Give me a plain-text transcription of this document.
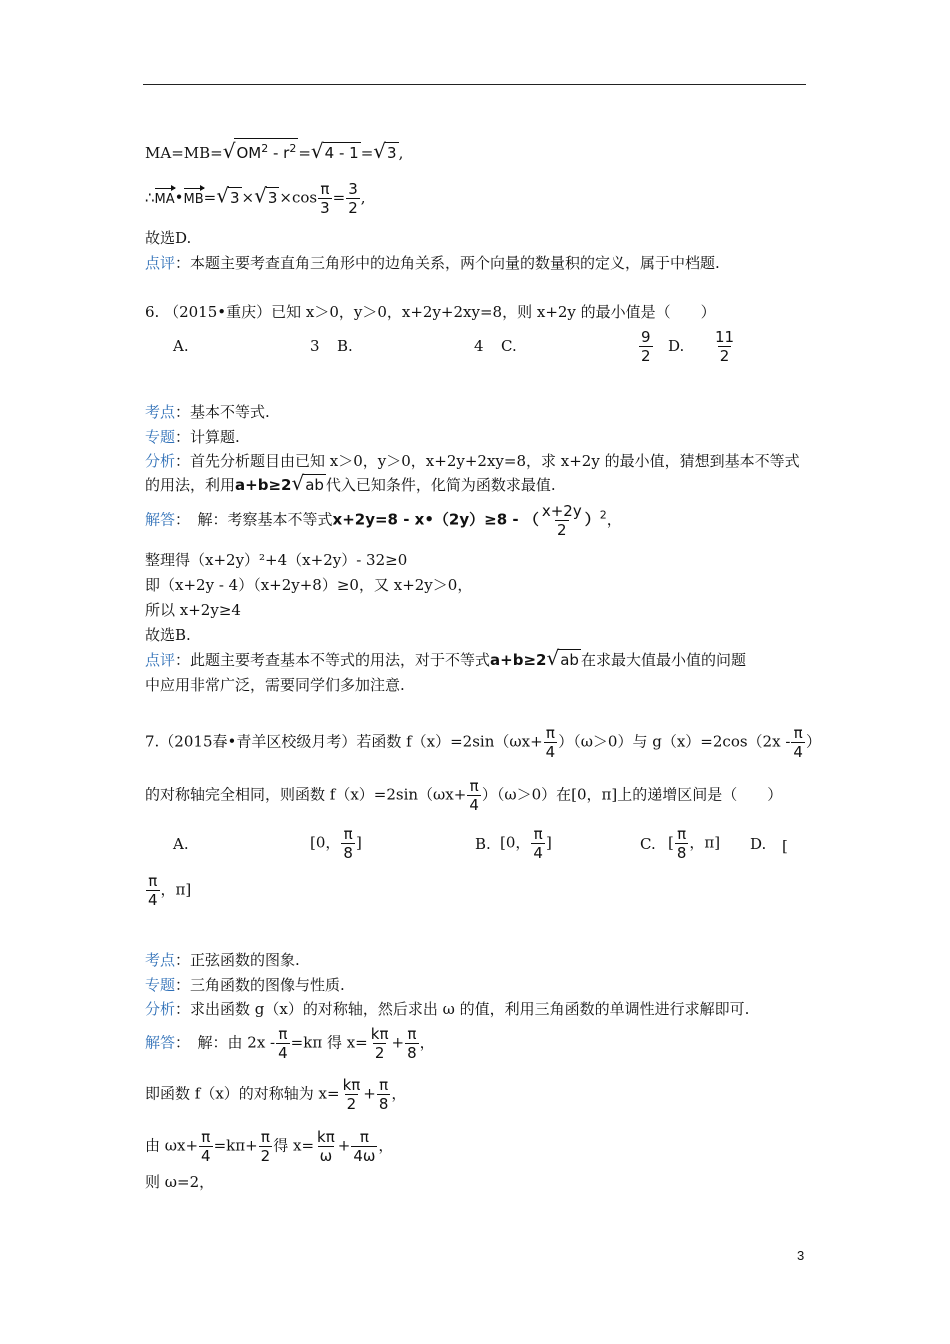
$MA=MB=√OM^2 - r^2 =√4 - 1 =√3$ ,
∴MA•MB=√3 $\times√3 \times\cos \frac{\pi}{3} = \frac{3}{2}$ ,
故选D.
点评：本题主要考查直角三角形中的边角关系，两个向量的数量积的定义，属于中档题.
6. （2015•重庆）已知 x＞0，y＞0，x+2y+2xy=8，则 x+2y 的最小值是（　　）
A.	3 B.	4 C.	$\frac{9}{2} D$. $\frac{11}{2}$
考点：基本不等式.
专题：计算题.
分析：首先分析题目由已知 x＞0，y＞0，x+2y+2xy=8，求 x+2y 的最小值，猜想到基本不等式
的用法，利用a+b≥2√ab 代入已知条件，化简为函数求最值.
解答：　解：考察基本不等式x+2y=8 - x•（2y）≥8 - （ $\frac{x+2y}{2} )^2$，
整理得（x+2y）²+4（x+2y）- 32≥0
即（x+2y - 4）（x+2y+8）≥0，又 x+2y＞0，
所以 x+2y≥4
故选B.
点评：此题主要考查基本不等式的用法，对于不等式a+b≥2√ab 在求最大值最小值的问题
中应用非常广泛，需要同学们多加注意.
7.（2015春•青羊区校级月考）若函数 $f(x)=2\sin(\omega x+ \frac{\pi}{4} )(\omega>0)$与 $g(x)=2\cos(2x - \frac{\pi}{4}$ ）
的对称轴完全相同，则函数 $f(x)=2\sin(\omega x+ \frac{\pi}{4} )(\omega>0)$在[0，π]上的递增区间是（　　）
A.	[0， $\frac{\pi}{8}$ ]	B. [0， $\frac{\pi}{4}$ ]	C. [ $\frac{\pi}{8}$ ，π] D. [
$\frac{\pi}{4}$ ，π]
考点：正弦函数的图象.
专题：三角函数的图像与性质.
分析：求出函数 g（x）的对称轴，然后求出 ω 的值，利用三角函数的单调性进行求解即可.
解答：　解：由 $2x - \frac{\pi}{4} =k\pi$ 得 $x= \frac{k\pi}{2} + \frac{\pi}{8}$ ，
即函数 f（x）的对称轴为 $x= \frac{k\pi}{2} + \frac{\pi}{8}$ ，
由 $\omega x+ \frac{\pi}{4} =k\pi+ \frac{\pi}{2}$ 得 $x= \frac{k\pi}{\omega} + \frac{\pi}{4\omega}$ ，
则 ω=2，
3
